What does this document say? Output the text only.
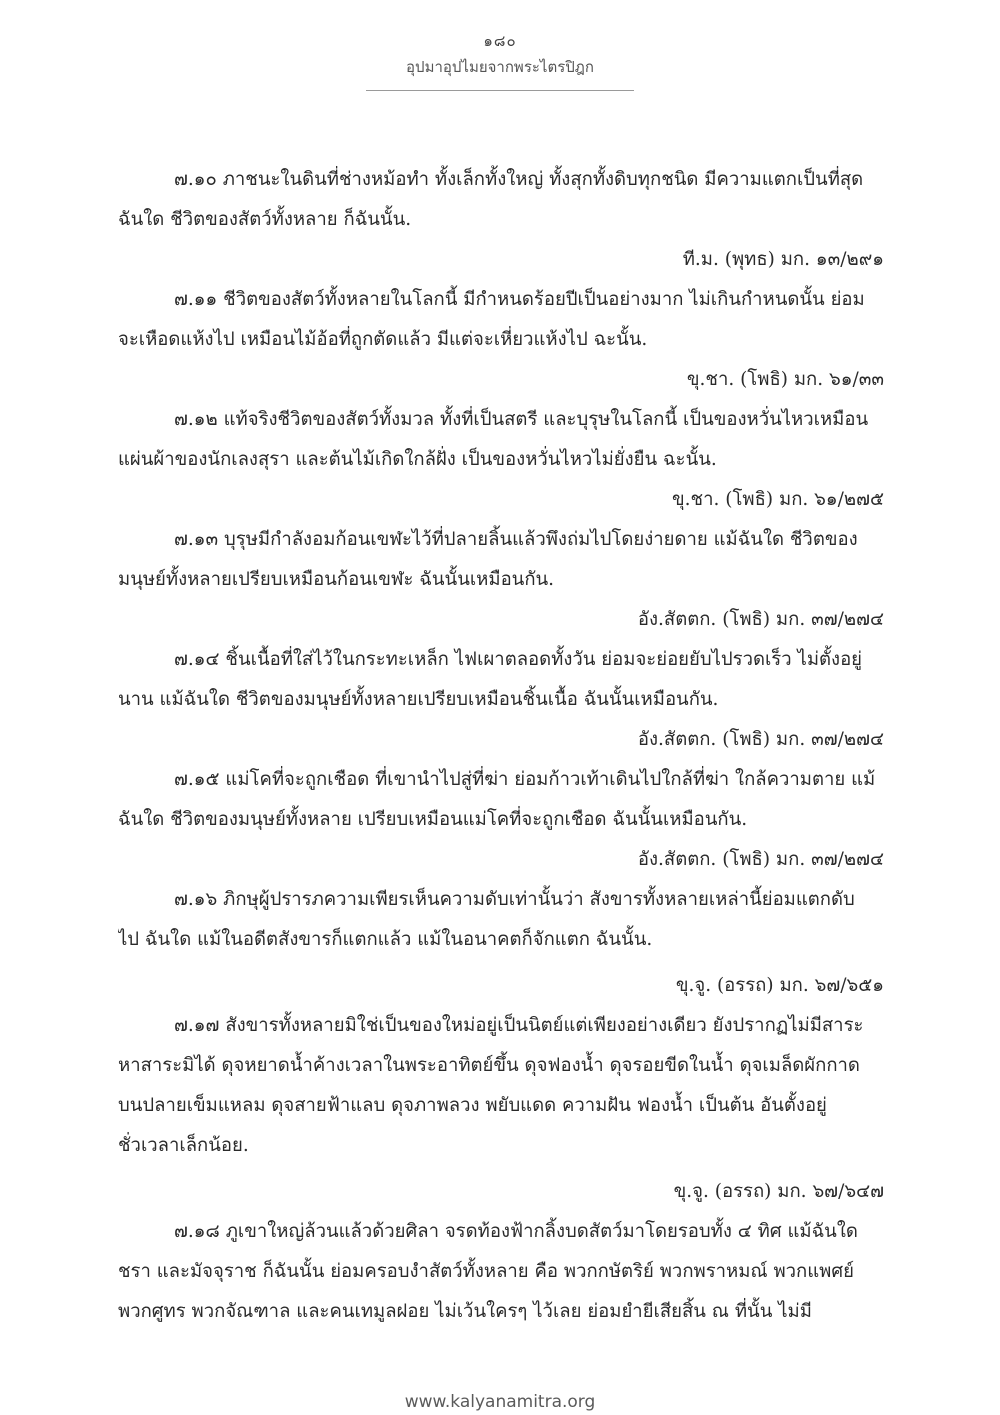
๑๘๐
อุปมาอุปไมยจากพระไตรปิฎก

๗.๑๐ ภาชนะในดินที่ช่างหม้อทำ ทั้งเล็กทั้งใหญ่ ทั้งสุกทั้งดิบทุกชนิด มีความแตกเป็นที่สุด
ฉันใด ชีวิตของสัตว์ทั้งหลาย ก็ฉันนั้น.

ที.ม. (พุทธ) มก. ๑๓/๒๙๑

๗.๑๑ ชีวิตของสัตว์ทั้งหลายในโลกนี้ มีกำหนดร้อยปีเป็นอย่างมาก ไม่เกินกำหนดนั้น ย่อม
จะเหือดแห้งไป เหมือนไม้อ้อที่ถูกตัดแล้ว มีแต่จะเหี่ยวแห้งไป ฉะนั้น.

ขุ.ชา. (โพธิ) มก. ๖๑/๓๓

๗.๑๒ แท้จริงชีวิตของสัตว์ทั้งมวล ทั้งที่เป็นสตรี และบุรุษในโลกนี้ เป็นของหวั่นไหวเหมือน
แผ่นผ้าของนักเลงสุรา และต้นไม้เกิดใกล้ฝั่ง เป็นของหวั่นไหวไม่ยั่งยืน ฉะนั้น.

ขุ.ชา. (โพธิ) มก. ๖๑/๒๗๕

๗.๑๓ บุรุษมีกำลังอมก้อนเขฬะไว้ที่ปลายลิ้นแล้วพึงถ่มไปโดยง่ายดาย แม้ฉันใด ชีวิตของ
มนุษย์ทั้งหลายเปรียบเหมือนก้อนเขฬะ ฉันนั้นเหมือนกัน.

อัง.สัตตก. (โพธิ) มก. ๓๗/๒๗๔

๗.๑๔ ชิ้นเนื้อที่ใส่ไว้ในกระทะเหล็ก ไฟเผาตลอดทั้งวัน ย่อมจะย่อยยับไปรวดเร็ว ไม่ตั้งอยู่
นาน แม้ฉันใด ชีวิตของมนุษย์ทั้งหลายเปรียบเหมือนชิ้นเนื้อ ฉันนั้นเหมือนกัน.

อัง.สัตตก. (โพธิ) มก. ๓๗/๒๗๔

๗.๑๕ แม่โคที่จะถูกเชือด ที่เขานำไปสู่ที่ฆ่า ย่อมก้าวเท้าเดินไปใกล้ที่ฆ่า ใกล้ความตาย แม้
ฉันใด ชีวิตของมนุษย์ทั้งหลาย เปรียบเหมือนแม่โคที่จะถูกเชือด ฉันนั้นเหมือนกัน.

อัง.สัตตก. (โพธิ) มก. ๓๗/๒๗๔

๗.๑๖ ภิกษุผู้ปรารภความเพียรเห็นความดับเท่านั้นว่า สังขารทั้งหลายเหล่านี้ย่อมแตกดับ
ไป ฉันใด แม้ในอดีตสังขารก็แตกแล้ว แม้ในอนาคตก็จักแตก ฉันนั้น.

ขุ.จู. (อรรถ) มก. ๖๗/๖๕๑

๗.๑๗ สังขารทั้งหลายมิใช่เป็นของใหม่อยู่เป็นนิตย์แต่เพียงอย่างเดียว ยังปรากฏไม่มีสาระ
หาสาระมิได้ ดุจหยาดน้ำค้างเวลาในพระอาทิตย์ขึ้น ดุจฟองน้ำ ดุจรอยขีดในน้ำ ดุจเมล็ดผักกาด
บนปลายเข็มแหลม ดุจสายฟ้าแลบ ดุจภาพลวง พยับแดด ความฝัน ฟองน้ำ เป็นต้น อันตั้งอยู่
ชั่วเวลาเล็กน้อย.

ขุ.จู. (อรรถ) มก. ๖๗/๖๔๗

๗.๑๘ ภูเขาใหญ่ล้วนแล้วด้วยศิลา จรดท้องฟ้ากลิ้งบดสัตว์มาโดยรอบทั้ง ๔ ทิศ แม้ฉันใด
ชรา และมัจจุราช ก็ฉันนั้น ย่อมครอบงำสัตว์ทั้งหลาย คือ พวกกษัตริย์ พวกพราหมณ์ พวกแพศย์
พวกศูทร พวกจัณฑาล และคนเทมูลฝอย ไม่เว้นใครๆ ไว้เลย ย่อมยำยีเสียสิ้น ณ ที่นั้น ไม่มี

www.kalyanamitra.org
